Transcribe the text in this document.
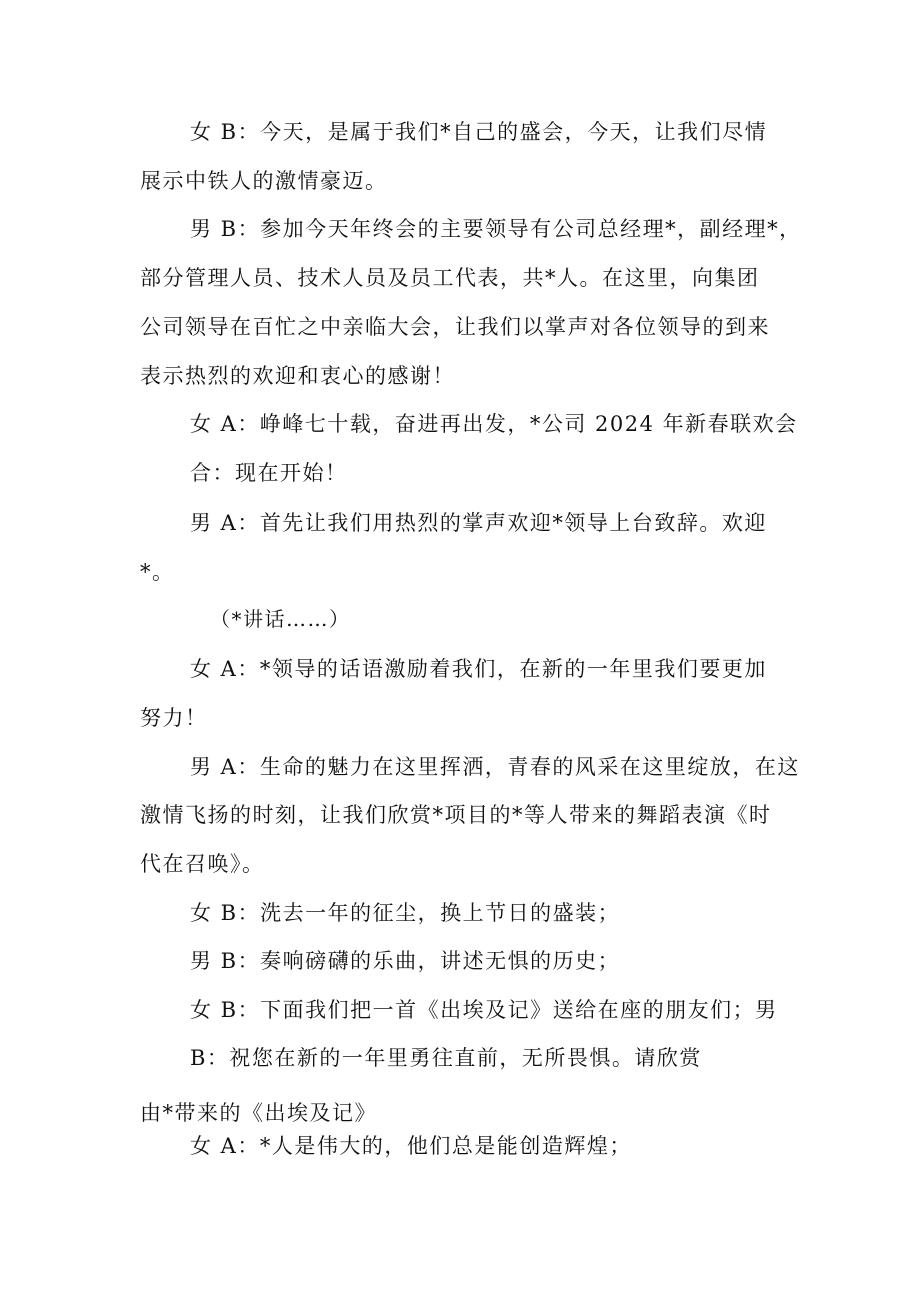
女 B：今天，是属于我们*自己的盛会，今天，让我们尽情
展示中铁人的激情豪迈。
男 B：参加今天年终会的主要领导有公司总经理*，副经理*，
部分管理人员、技术人员及员工代表，共*人。在这里，向集团
公司领导在百忙之中亲临大会，让我们以掌声对各位领导的到来
表示热烈的欢迎和衷心的感谢！
女 A：峥峰七十载，奋进再出发，*公司 2024 年新春联欢会
合：现在开始！
男 A：首先让我们用热烈的掌声欢迎*领导上台致辞。欢迎
*。
（*讲话……）
女 A：*领导的话语激励着我们，在新的一年里我们要更加
努力！
男 A：生命的魅力在这里挥洒，青春的风采在这里绽放，在这
激情飞扬的时刻，让我们欣赏*项目的*等人带来的舞蹈表演《时
代在召唤》。
女 B：洗去一年的征尘，换上节日的盛装；
男 B：奏响磅礴的乐曲，讲述无惧的历史；
女 B：下面我们把一首《出埃及记》送给在座的朋友们；男
B：祝您在新的一年里勇往直前，无所畏惧。请欣赏
由*带来的《出埃及记》
女 A：*人是伟大的，他们总是能创造辉煌；
